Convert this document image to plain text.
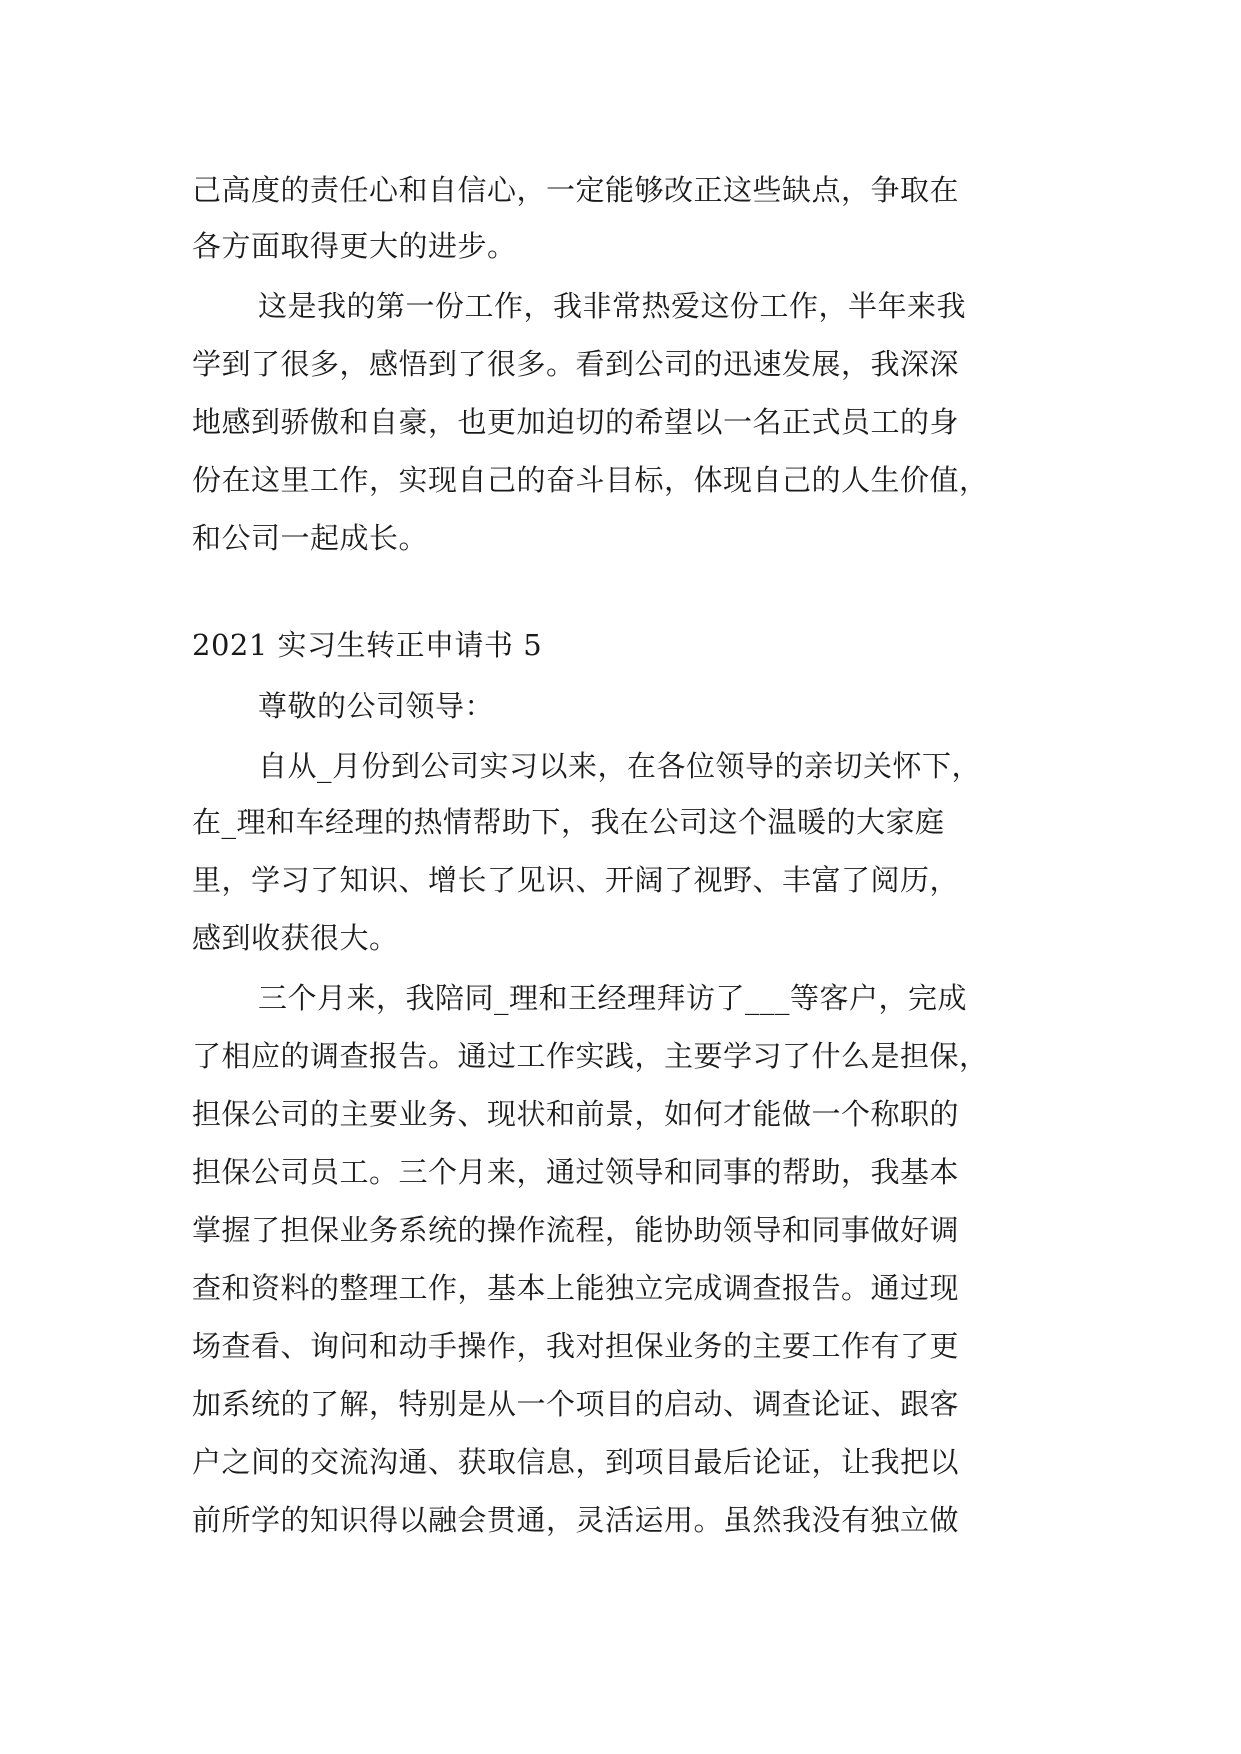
己高度的责任心和自信心，一定能够改正这些缺点，争取在
各方面取得更大的进步。
这是我的第一份工作，我非常热爱这份工作，半年来我
学到了很多，感悟到了很多。看到公司的迅速发展，我深深
地感到骄傲和自豪，也更加迫切的希望以一名正式员工的身
份在这里工作，实现自己的奋斗目标，体现自己的人生价值，
和公司一起成长。
2021 实习生转正申请书 5
尊敬的公司领导：
自从_月份到公司实习以来，在各位领导的亲切关怀下，
在_理和车经理的热情帮助下，我在公司这个温暖的大家庭
里，学习了知识、增长了见识、开阔了视野、丰富了阅历，
感到收获很大。
三个月来，我陪同_理和王经理拜访了___等客户，完成
了相应的调查报告。通过工作实践，主要学习了什么是担保，
担保公司的主要业务、现状和前景，如何才能做一个称职的
担保公司员工。三个月来，通过领导和同事的帮助，我基本
掌握了担保业务系统的操作流程，能协助领导和同事做好调
查和资料的整理工作，基本上能独立完成调查报告。通过现
场查看、询问和动手操作，我对担保业务的主要工作有了更
加系统的了解，特别是从一个项目的启动、调查论证、跟客
户之间的交流沟通、获取信息，到项目最后论证，让我把以
前所学的知识得以融会贯通，灵活运用。虽然我没有独立做
